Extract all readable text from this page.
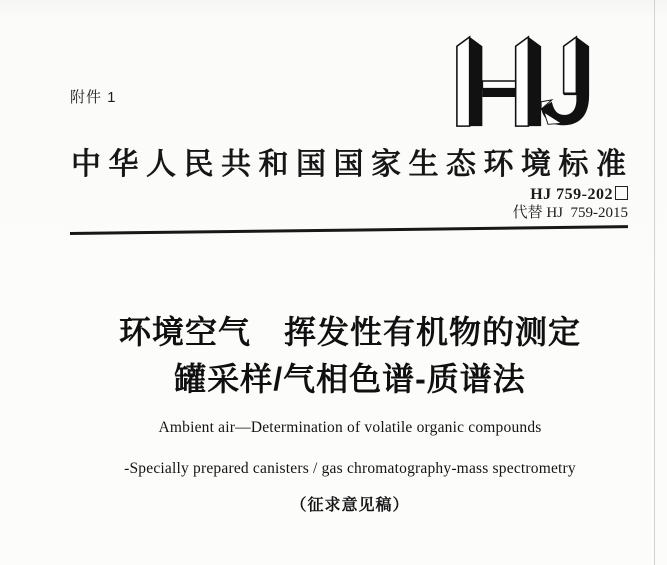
附件 1
中华人民共和国国家生态环境标准
HJ 759-202
代替 HJ  759-2015
环境空气　挥发性有机物的测定
罐采样/气相色谱-质谱法
Ambient air—Determination of volatile organic compounds
-Specially prepared canisters / gas chromatography-mass spectrometry
（征求意见稿）
